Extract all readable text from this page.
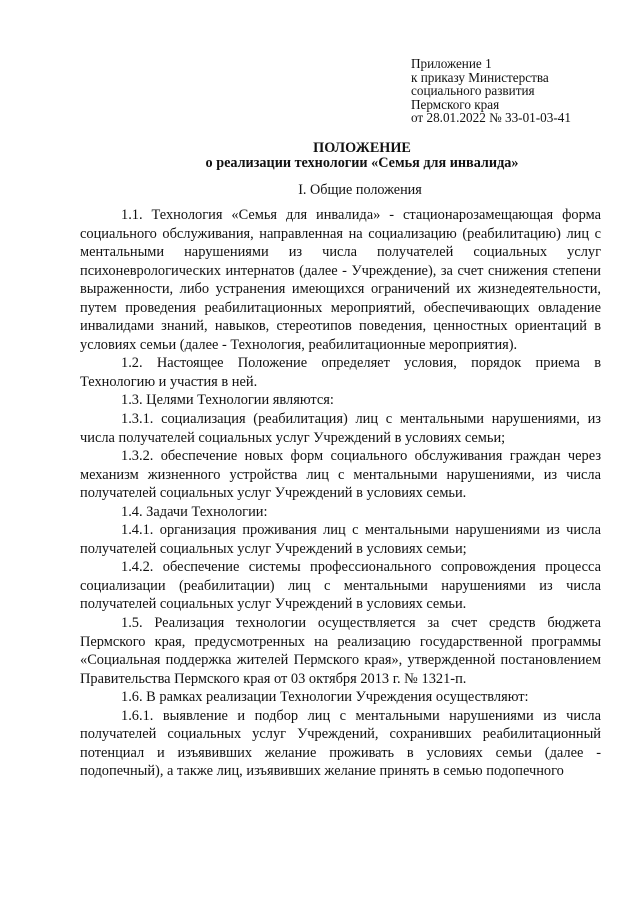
Приложение 1
к приказу Министерства
социального развития
Пермского края
от 28.01.2022 № 33-01-03-41
ПОЛОЖЕНИЕ
о реализации технологии «Семья для инвалида»
I. Общие положения

1.1. Технология «Семья для инвалида» - стационарозамещающая форма социального обслуживания, направленная на социализацию (реабилитацию) лиц с ментальными нарушениями из числа получателей социальных услуг психоневрологических интернатов (далее - Учреждение), за счет снижения степени выраженности, либо устранения имеющихся ограничений их жизнедеятельности, путем проведения реабилитационных мероприятий, обеспечивающих овладение инвалидами знаний, навыков, стереотипов поведения, ценностных ориентаций в условиях семьи (далее - Технология, реабилитационные мероприятия).

1.2. Настоящее Положение определяет условия, порядок приема в Технологию и участия в ней.

1.3. Целями Технологии являются:

1.3.1. социализация (реабилитация) лиц с ментальными нарушениями, из числа получателей социальных услуг Учреждений в условиях семьи;

1.3.2. обеспечение новых форм социального обслуживания граждан через механизм жизненного устройства лиц с ментальными нарушениями, из числа получателей социальных услуг Учреждений в условиях семьи.

1.4. Задачи Технологии:

1.4.1. организация проживания лиц с ментальными нарушениями из числа получателей социальных услуг Учреждений в условиях семьи;

1.4.2. обеспечение системы профессионального сопровождения процесса социализации (реабилитации) лиц с ментальными нарушениями из числа получателей социальных услуг Учреждений в условиях семьи.

1.5. Реализация технологии осуществляется за счет средств бюджета Пермского края, предусмотренных на реализацию государственной программы «Социальная поддержка жителей Пермского края», утвержденной постановлением Правительства Пермского края от 03 октября 2013 г. № 1321-п.

1.6. В рамках реализации Технологии Учреждения осуществляют:

1.6.1. выявление и подбор лиц с ментальными нарушениями из числа получателей социальных услуг Учреждений, сохранивших реабилитационный потенциал и изъявивших желание проживать в условиях семьи (далее - подопечный), а также лиц, изъявивших желание принять в семью подопечного
